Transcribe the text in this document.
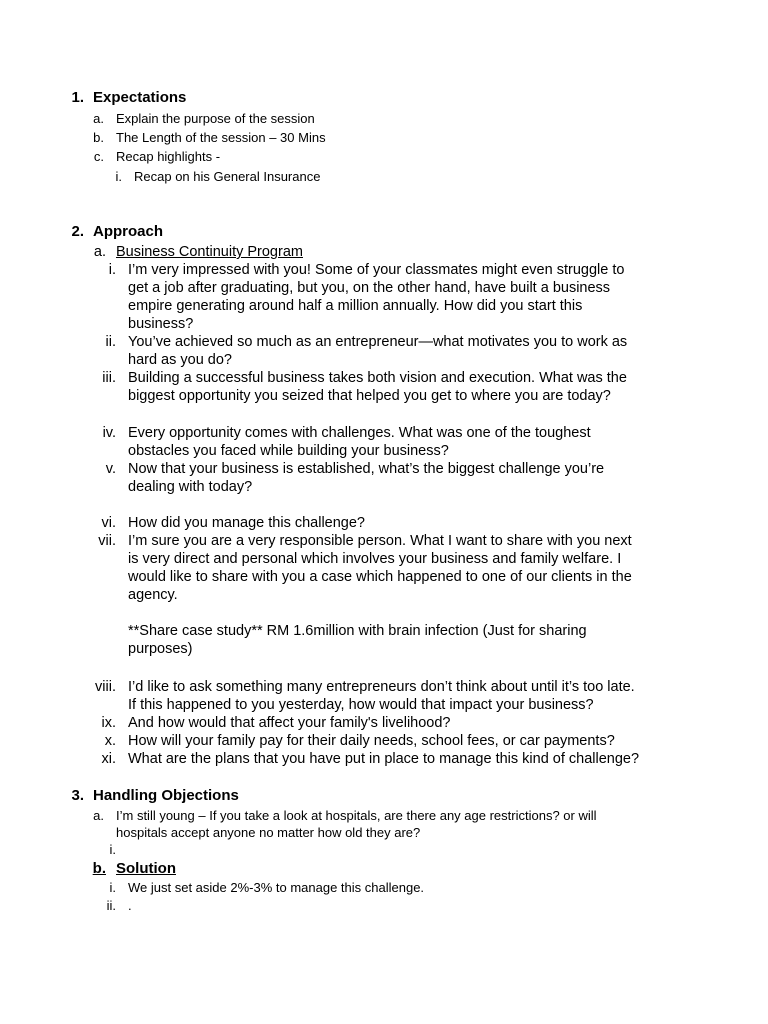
1. Expectations
a. Explain the purpose of the session
b. The Length of the session – 30 Mins
c. Recap highlights -
i. Recap on his General Insurance
2. Approach
a. Business Continuity Program
i. I’m very impressed with you! Some of your classmates might even struggle to
get a job after graduating, but you, on the other hand, have built a business
empire generating around half a million annually. How did you start this
business?
ii. You’ve achieved so much as an entrepreneur—what motivates you to work as
hard as you do?
iii. Building a successful business takes both vision and execution. What was the
biggest opportunity you seized that helped you get to where you are today?
iv. Every opportunity comes with challenges. What was one of the toughest
obstacles you faced while building your business?
v. Now that your business is established, what’s the biggest challenge you’re
dealing with today?
vi. How did you manage this challenge?
vii. I’m sure you are a very responsible person. What I want to share with you next
is very direct and personal which involves your business and family welfare. I
would like to share with you a case which happened to one of our clients in the
agency.
**Share case study** RM 1.6million with brain infection (Just for sharing
purposes)
viii. I’d like to ask something many entrepreneurs don’t think about until it’s too late.
If this happened to you yesterday, how would that impact your business?
ix. And how would that affect your family's livelihood?
x. How will your family pay for their daily needs, school fees, or car payments?
xi. What are the plans that you have put in place to manage this kind of challenge?
3. Handling Objections
a. I’m still young – If you take a look at hospitals, are there any age restrictions? or will
hospitals accept anyone no matter how old they are?
i.
b. Solution
i. We just set aside 2%-3% to manage this challenge.
ii. .
